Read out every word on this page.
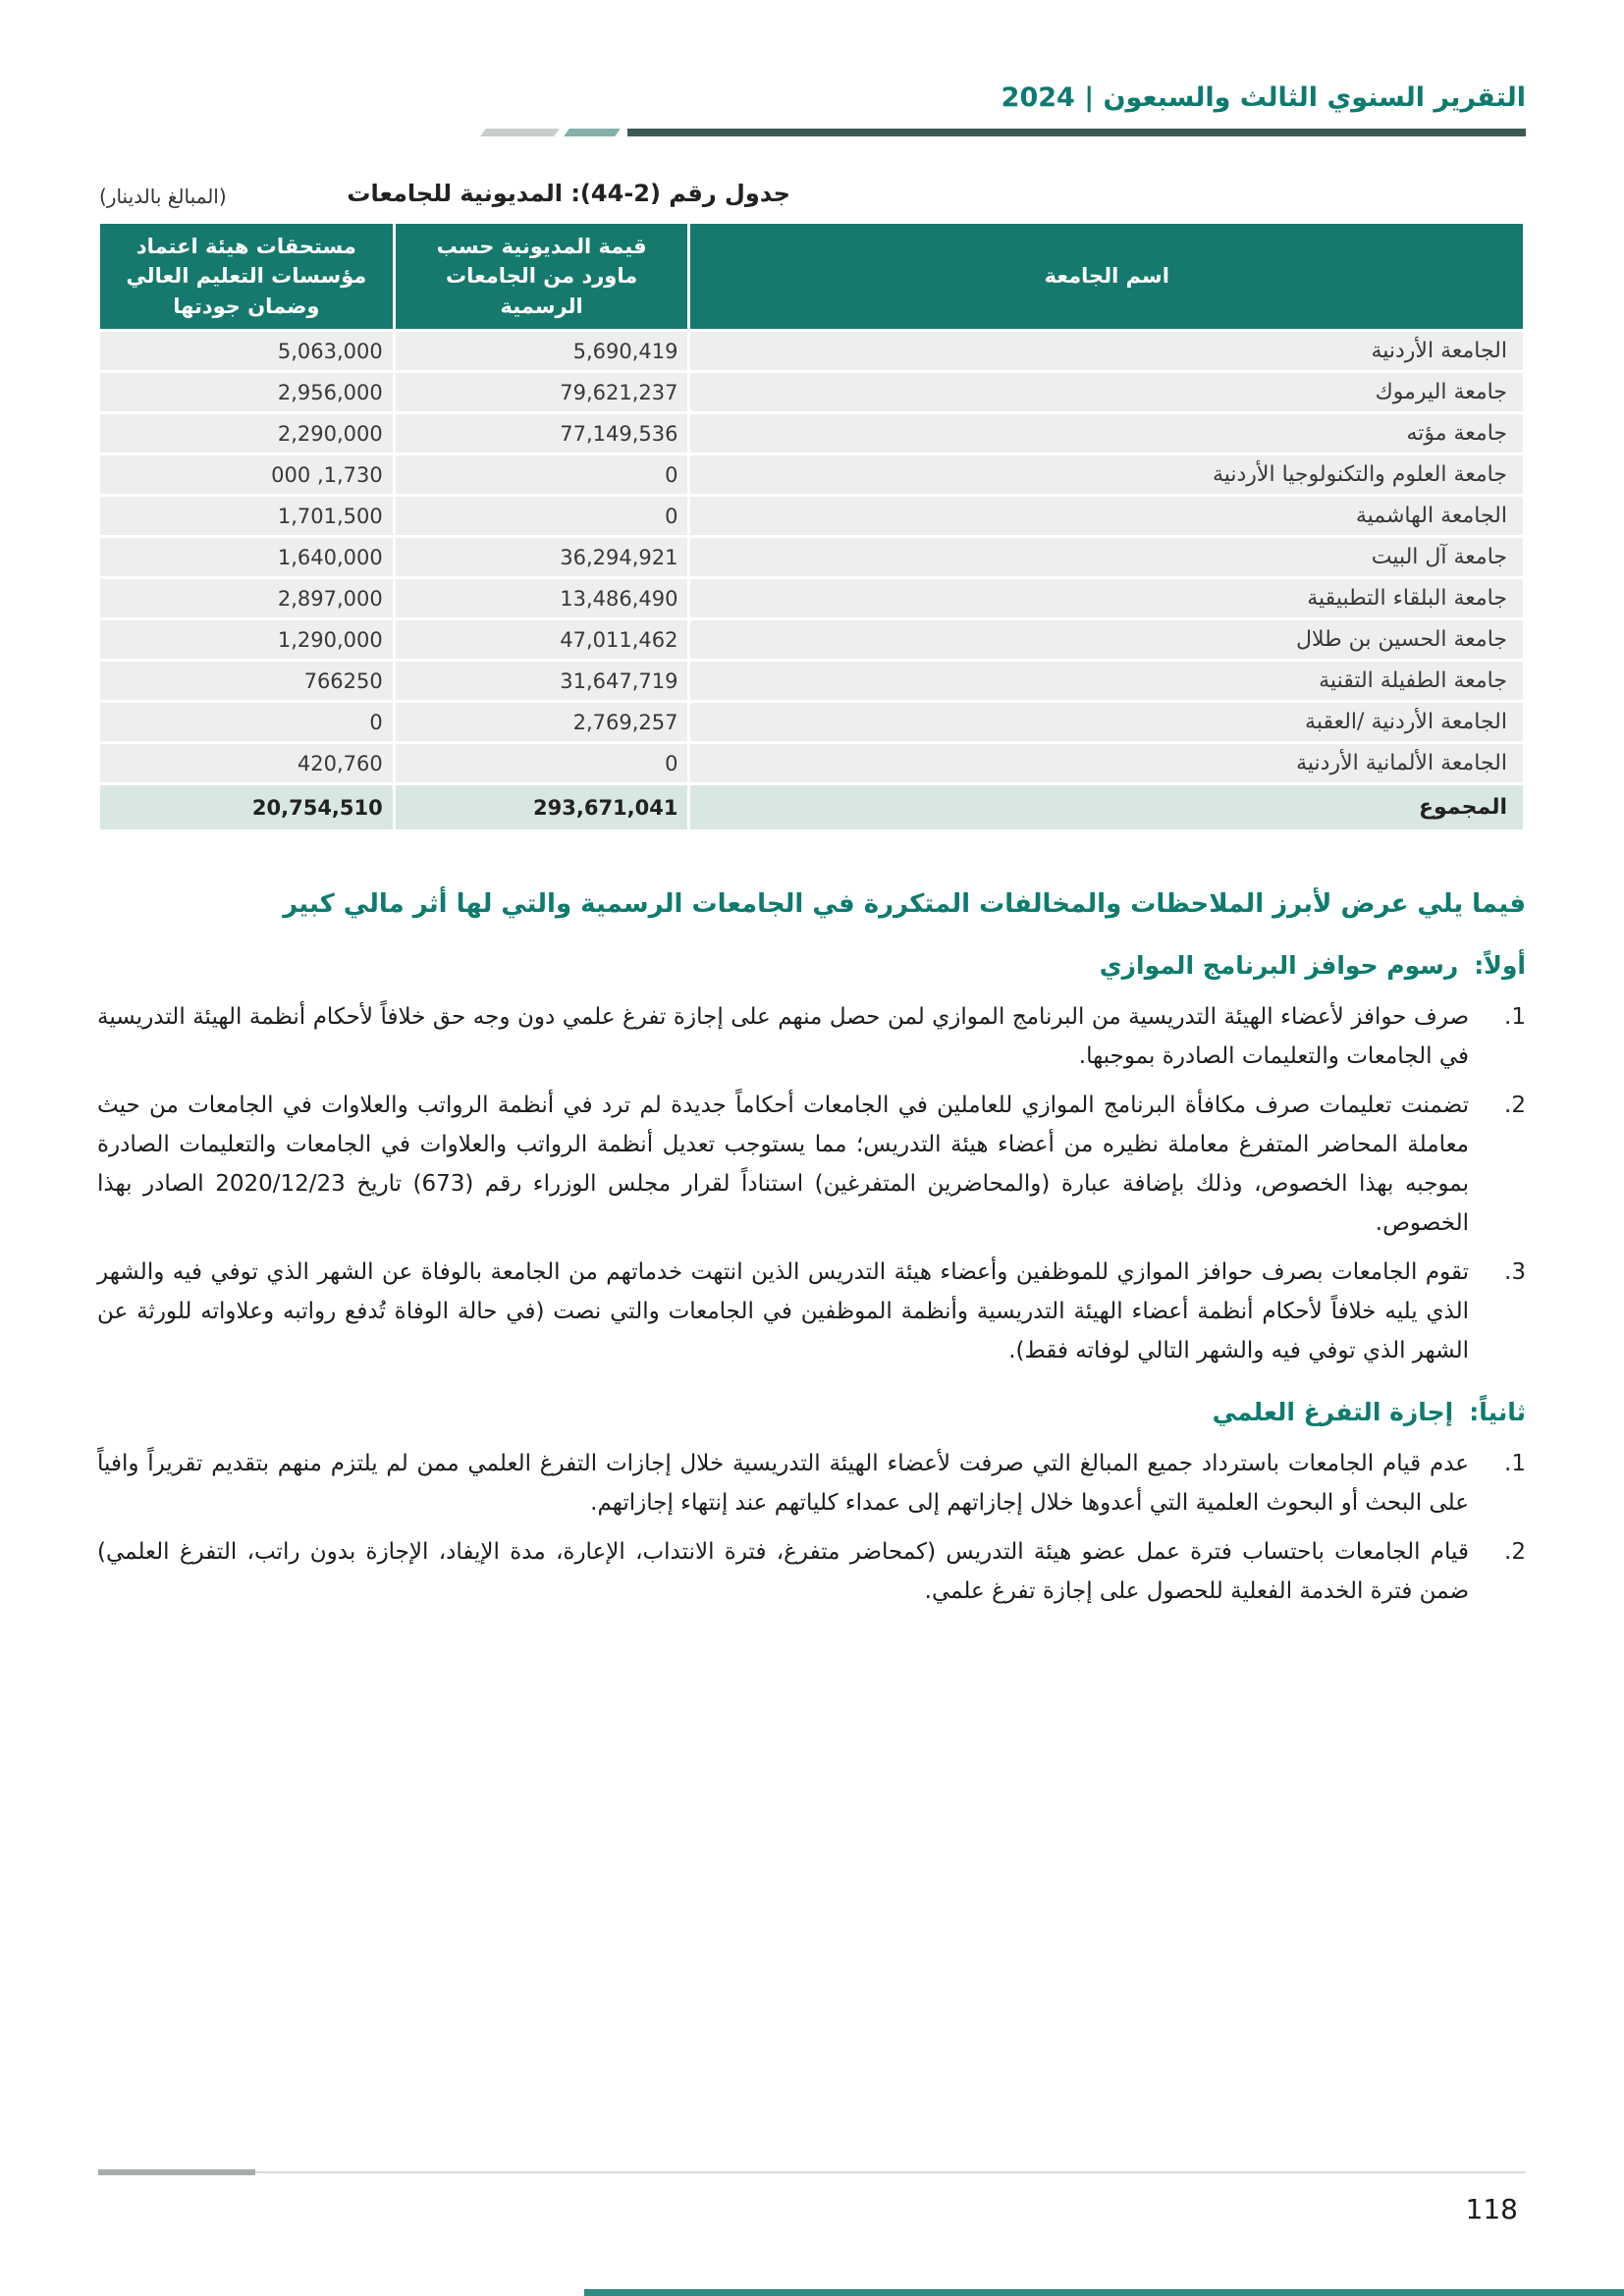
التقرير السنوي الثالث والسبعون | 2024
جدول رقم (2-44): المديونية للجامعات
(المبالغ بالدينار)
اسم الجامعة	قيمة المديونية حسب ماورد من الجامعات الرسمية	مستحقات هيئة اعتماد مؤسسات التعليم العالي وضمان جودتها
الجامعة الأردنية	5,690,419	5,063,000
جامعة اليرموك	79,621,237	2,956,000
جامعة مؤته	77,149,536	2,290,000
جامعة العلوم والتكنولوجيا الأردنية	0	1,730, 000
الجامعة الهاشمية	0	1,701,500
جامعة آل البيت	36,294,921	1,640,000
جامعة البلقاء التطبيقية	13,486,490	2,897,000
جامعة الحسين بن طلال	47,011,462	1,290,000
جامعة الطفيلة التقنية	31,647,719	766250
الجامعة الأردنية /العقبة	2,769,257	0
الجامعة الألمانية الأردنية	0	420,760
المجموع	293,671,041	20,754,510
فيما يلي عرض لأبرز الملاحظات والمخالفات المتكررة في الجامعات الرسمية والتي لها أثر مالي كبير
أولاً:رسوم حوافز البرنامج الموازي
1.
صرف حوافز لأعضاء الهيئة التدريسية من البرنامج الموازي لمن حصل منهم على إجازة تفرغ علمي دون وجه حق خلافاً لأحكام أنظمة الهيئة التدريسية في الجامعات والتعليمات الصادرة بموجبها.
2.
تضمنت تعليمات صرف مكافأة البرنامج الموازي للعاملين في الجامعات أحكاماً جديدة لم ترد في أنظمة الرواتب والعلاوات في الجامعات من حيث معاملة المحاضر المتفرغ معاملة نظيره من أعضاء هيئة التدريس؛ مما يستوجب تعديل أنظمة الرواتب والعلاوات في الجامعات والتعليمات الصادرة بموجبه بهذا الخصوص، وذلك بإضافة عبارة (والمحاضرين المتفرغين) استناداً لقرار مجلس الوزراء رقم (673) تاريخ 2020/12/23 الصادر بهذا الخصوص.
3.
تقوم الجامعات بصرف حوافز الموازي للموظفين وأعضاء هيئة التدريس الذين انتهت خدماتهم من الجامعة بالوفاة عن الشهر الذي توفي فيه والشهر الذي يليه خلافاً لأحكام أنظمة أعضاء الهيئة التدريسية وأنظمة الموظفين في الجامعات والتي نصت (في حالة الوفاة تُدفع رواتبه وعلاواته للورثة عن الشهر الذي توفي فيه والشهر التالي لوفاته فقط).
ثانياً:إجازة التفرغ العلمي
1.
عدم قيام الجامعات باسترداد جميع المبالغ التي صرفت لأعضاء الهيئة التدريسية خلال إجازات التفرغ العلمي ممن لم يلتزم منهم بتقديم تقريراً وافياً على البحث أو البحوث العلمية التي أعدوها خلال إجازاتهم إلى عمداء كلياتهم عند إنتهاء إجازاتهم.
2.
قيام الجامعات باحتساب فترة عمل عضو هيئة التدريس (كمحاضر متفرغ، فترة الانتداب، الإعارة، مدة الإيفاد، الإجازة بدون راتب، التفرغ العلمي) ضمن فترة الخدمة الفعلية للحصول على إجازة تفرغ علمي.
118
